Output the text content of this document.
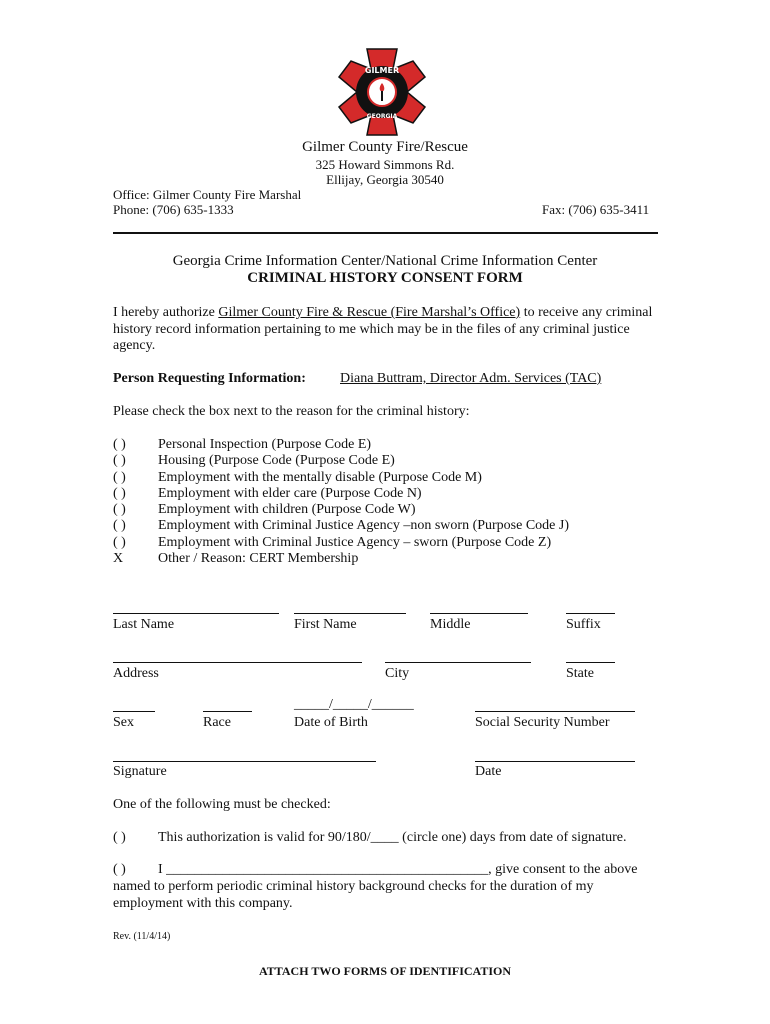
GILMER
GEORGIA
Gilmer County Fire/Rescue
325 Howard Simmons Rd.
Ellijay, Georgia 30540
Office: Gilmer County Fire Marshal
Phone: (706) 635-1333	Fax: (706) 635-3411
Georgia Crime Information Center/National Crime Information Center
CRIMINAL HISTORY CONSENT FORM
I hereby authorize Gilmer County Fire & Rescue (Fire Marshal’s Office) to receive any criminal
history record information pertaining to me which may be in the files of any criminal justice
agency.
Person Requesting Information: Diana Buttram, Director Adm. Services (TAC)
Please check the box next to the reason for the criminal history:
( ) Personal Inspection (Purpose Code E)
( ) Housing (Purpose Code (Purpose Code E)
( ) Employment with the mentally disable (Purpose Code M)
( ) Employment with elder care (Purpose Code N)
( ) Employment with children (Purpose Code W)
( ) Employment with Criminal Justice Agency –non sworn (Purpose Code J)
( ) Employment with Criminal Justice Agency – sworn (Purpose Code Z)
X Other / Reason: CERT Membership
Last Name	First Name	Middle	Suffix
Address	City	State
_____/_____/______
Sex	Race	Date of Birth	Social Security Number
Signature	Date
One of the following must be checked:
( ) This authorization is valid for 90/180/____ (circle one) days from date of signature.
( ) I ______________________________________________, give consent to the above
named to perform periodic criminal history background checks for the duration of my
employment with this company.
Rev. (11/4/14)
ATTACH TWO FORMS OF IDENTIFICATION
